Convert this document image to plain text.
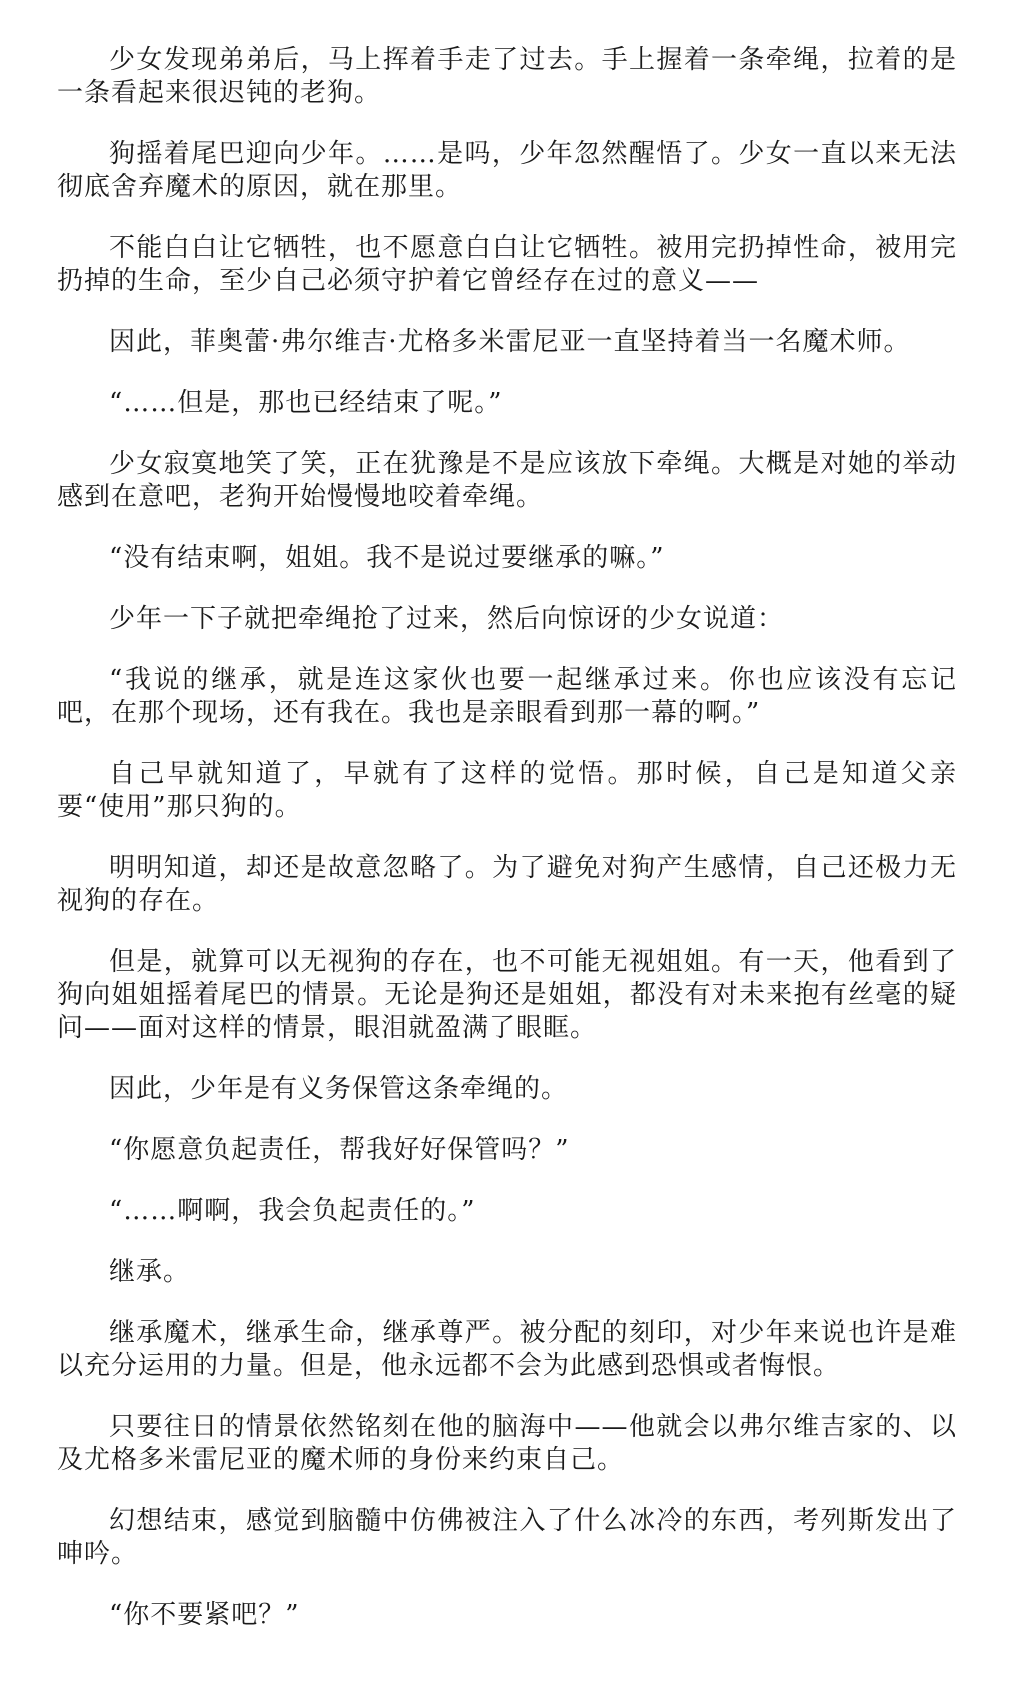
少女发现弟弟后，马上挥着手走了过去。手上握着一条牵绳，拉着的是一条看起来很迟钝的老狗。

狗摇着尾巴迎向少年。……是吗，少年忽然醒悟了。少女一直以来无法彻底舍弃魔术的原因，就在那里。

不能白白让它牺牲，也不愿意白白让它牺牲。被用完扔掉性命，被用完扔掉的生命，至少自己必须守护着它曾经存在过的意义——

因此，菲奥蕾·弗尔维吉·尤格多米雷尼亚一直坚持着当一名魔术师。

“……但是，那也已经结束了呢。”

少女寂寞地笑了笑，正在犹豫是不是应该放下牵绳。大概是对她的举动感到在意吧，老狗开始慢慢地咬着牵绳。

“没有结束啊，姐姐。我不是说过要继承的嘛。”

少年一下子就把牵绳抢了过来，然后向惊讶的少女说道：

“我说的继承，就是连这家伙也要一起继承过来。你也应该没有忘记吧，在那个现场，还有我在。我也是亲眼看到那一幕的啊。”

自己早就知道了，早就有了这样的觉悟。那时候，自己是知道父亲要“使用”那只狗的。

明明知道，却还是故意忽略了。为了避免对狗产生感情，自己还极力无视狗的存在。

但是，就算可以无视狗的存在，也不可能无视姐姐。有一天，他看到了狗向姐姐摇着尾巴的情景。无论是狗还是姐姐，都没有对未来抱有丝毫的疑问——面对这样的情景，眼泪就盈满了眼眶。

因此，少年是有义务保管这条牵绳的。

“你愿意负起责任，帮我好好保管吗？”

“……啊啊，我会负起责任的。”

继承。

继承魔术，继承生命，继承尊严。被分配的刻印，对少年来说也许是难以充分运用的力量。但是，他永远都不会为此感到恐惧或者悔恨。

只要往日的情景依然铭刻在他的脑海中——他就会以弗尔维吉家的、以及尤格多米雷尼亚的魔术师的身份来约束自己。

幻想结束，感觉到脑髓中仿佛被注入了什么冰冷的东西，考列斯发出了呻吟。

“你不要紧吧？”
